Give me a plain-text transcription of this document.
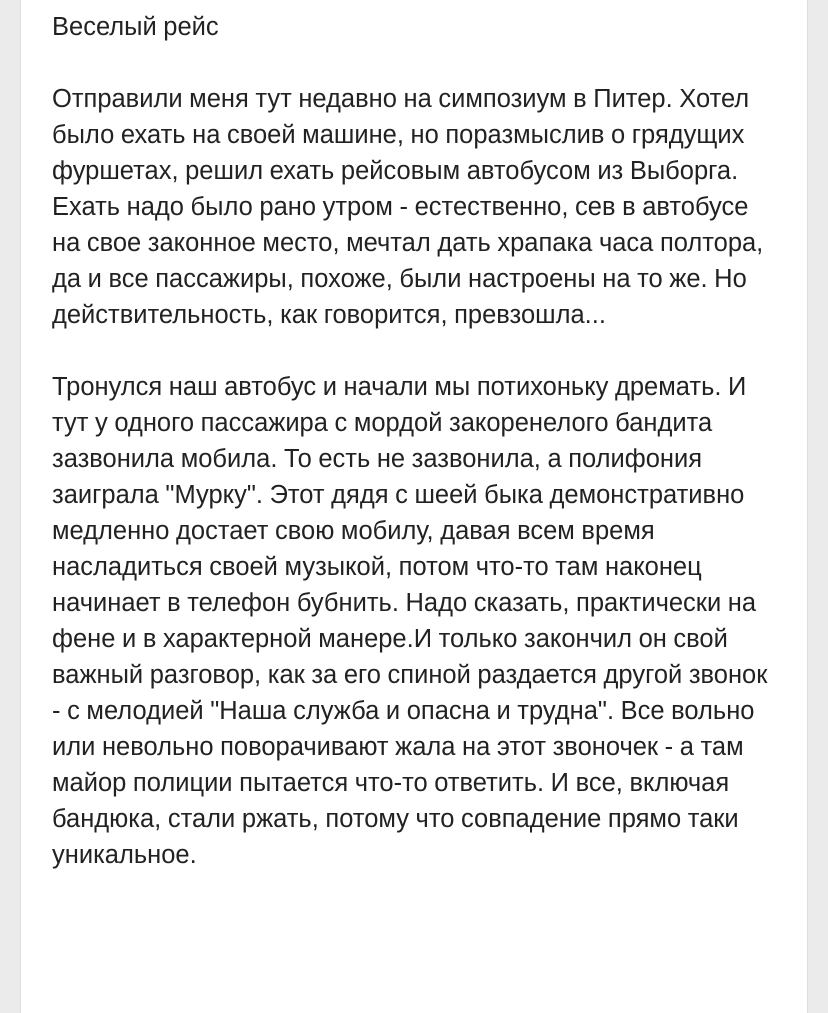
Веселый рейс

Отправили меня тут недавно на симпозиум в Питер. Хотел было ехать на своей машине, но поразмыслив о грядущих фуршетах, решил ехать рейсовым автобусом из Выборга. Ехать надо было рано утром - естественно, сев в автобусе на свое законное место, мечтал дать храпака часа полтора, да и все пассажиры, похоже, были настроены на то же. Но действительность, как говорится, превзошла...

Тронулся наш автобус и начали мы потихоньку дремать. И тут у одного пассажира с мордой закоренелого бандита зазвонила мобила. То есть не зазвонила, а полифония заиграла "Мурку". Этот дядя с шеей быка демонстративно медленно достает свою мобилу, давая всем время насладиться своей музыкой, потом что-то там наконец начинает в телефон бубнить. Надо сказать, практически на фене и в характерной манере.И только закончил он свой важный разговор, как за его спиной раздается другой звонок - с мелодией "Наша служба и опасна и трудна". Все вольно или невольно поворачивают жала на этот звоночек - а там майор полиции пытается что-то ответить. И все, включая бандюка, стали ржать, потому что совпадение прямо таки уникальное.
